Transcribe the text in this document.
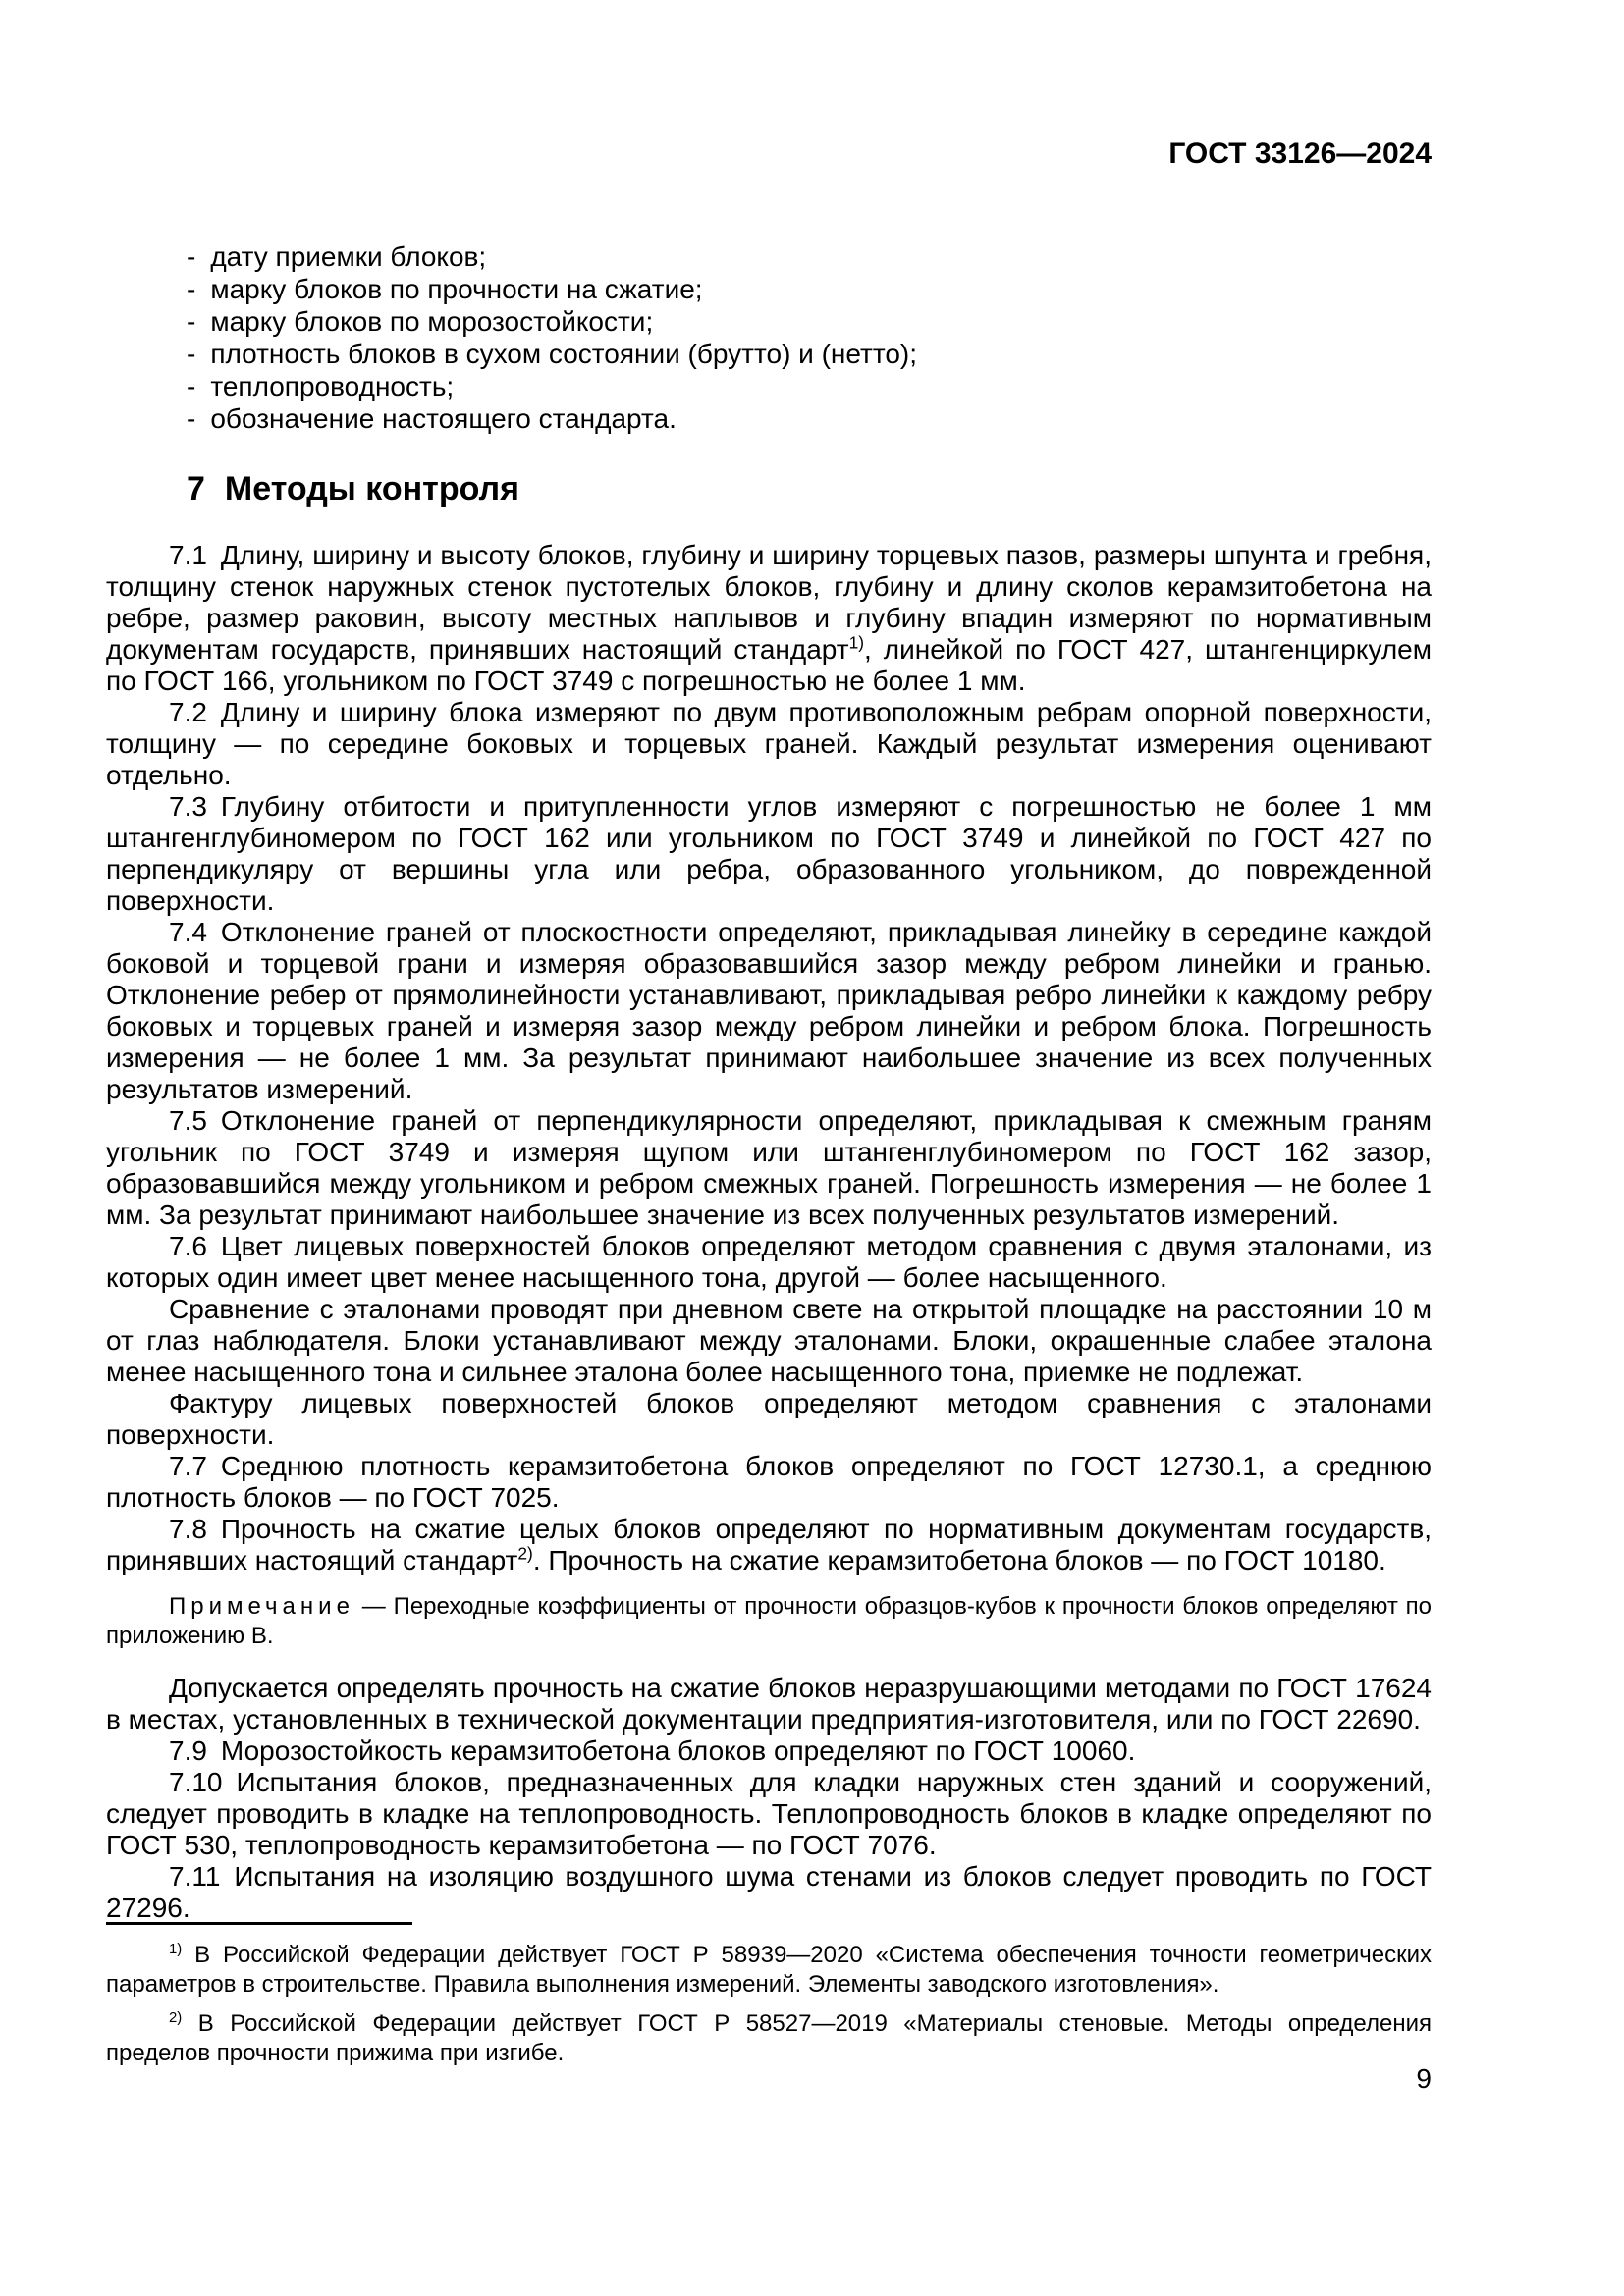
ГОСТ 33126—2024
- дату приемки блоков;
- марку блоков по прочности на сжатие;
- марку блоков по морозостойкости;
- плотность блоков в сухом состоянии (брутто) и (нетто);
- теплопроводность;
- обозначение настоящего стандарта.
7 Методы контроля

7.1 Длину, ширину и высоту блоков, глубину и ширину торцевых пазов, размеры шпунта и гребня, толщину стенок наружных стенок пустотелых блоков, глубину и длину сколов керамзитобетона на ребре, размер раковин, высоту местных наплывов и глубину впадин измеряют по нормативным документам государств, принявших настоящий стандарт$^{1)}$, линейкой по ГОСТ 427, штангенциркулем по ГОСТ 166, угольником по ГОСТ 3749 с погрешностью не более 1 мм.

7.2 Длину и ширину блока измеряют по двум противоположным ребрам опорной поверхности, толщину — по середине боковых и торцевых граней. Каждый результат измерения оценивают отдельно.

7.3 Глубину отбитости и притупленности углов измеряют с погрешностью не более 1 мм штангенглубиномером по ГОСТ 162 или угольником по ГОСТ 3749 и линейкой по ГОСТ 427 по перпендикуляру от вершины угла или ребра, образованного угольником, до поврежденной поверхности.

7.4 Отклонение граней от плоскостности определяют, прикладывая линейку в середине каждой боковой и торцевой грани и измеряя образовавшийся зазор между ребром линейки и гранью. Отклонение ребер от прямолинейности устанавливают, прикладывая ребро линейки к каждому ребру боковых и торцевых граней и измеряя зазор между ребром линейки и ребром блока. Погрешность измерения — не более 1 мм. За результат принимают наибольшее значение из всех полученных результатов измерений.

7.5 Отклонение граней от перпендикулярности определяют, прикладывая к смежным граням угольник по ГОСТ 3749 и измеряя щупом или штангенглубиномером по ГОСТ 162 зазор, образовавшийся между угольником и ребром смежных граней. Погрешность измерения — не более 1 мм. За результат принимают наибольшее значение из всех полученных результатов измерений.

7.6 Цвет лицевых поверхностей блоков определяют методом сравнения с двумя эталонами, из которых один имеет цвет менее насыщенного тона, другой — более насыщенного.

Сравнение с эталонами проводят при дневном свете на открытой площадке на расстоянии 10 м от глаз наблюдателя. Блоки устанавливают между эталонами. Блоки, окрашенные слабее эталона менее насыщенного тона и сильнее эталона более насыщенного тона, приемке не подлежат.

Фактуру лицевых поверхностей блоков определяют методом сравнения с эталонами поверхности.

7.7 Среднюю плотность керамзитобетона блоков определяют по ГОСТ 12730.1, а среднюю плотность блоков — по ГОСТ 7025.

7.8 Прочность на сжатие целых блоков определяют по нормативным документам государств, принявших настоящий стандарт$^{2)}$. Прочность на сжатие керамзитобетона блоков — по ГОСТ 10180.

Примечание — Переходные коэффициенты от прочности образцов-кубов к прочности блоков определяют по приложению В.

Допускается определять прочность на сжатие блоков неразрушающими методами по ГОСТ 17624 в местах, установленных в технической документации предприятия-изготовителя, или по ГОСТ 22690.

7.9 Морозостойкость керамзитобетона блоков определяют по ГОСТ 10060.

7.10 Испытания блоков, предназначенных для кладки наружных стен зданий и сооружений, следует проводить в кладке на теплопроводность. Теплопроводность блоков в кладке определяют по ГОСТ 530, теплопроводность керамзитобетона — по ГОСТ 7076.

7.11 Испытания на изоляцию воздушного шума стенами из блоков следует проводить по ГОСТ 27296.

$^{1)}$ В Российской Федерации действует ГОСТ Р 58939—2020 «Система обеспечения точности геометрических параметров в строительстве. Правила выполнения измерений. Элементы заводского изготовления».

$^{2)}$ В Российской Федерации действует ГОСТ Р 58527—2019 «Материалы стеновые. Методы определения пределов прочности прижима при изгибе.

9
